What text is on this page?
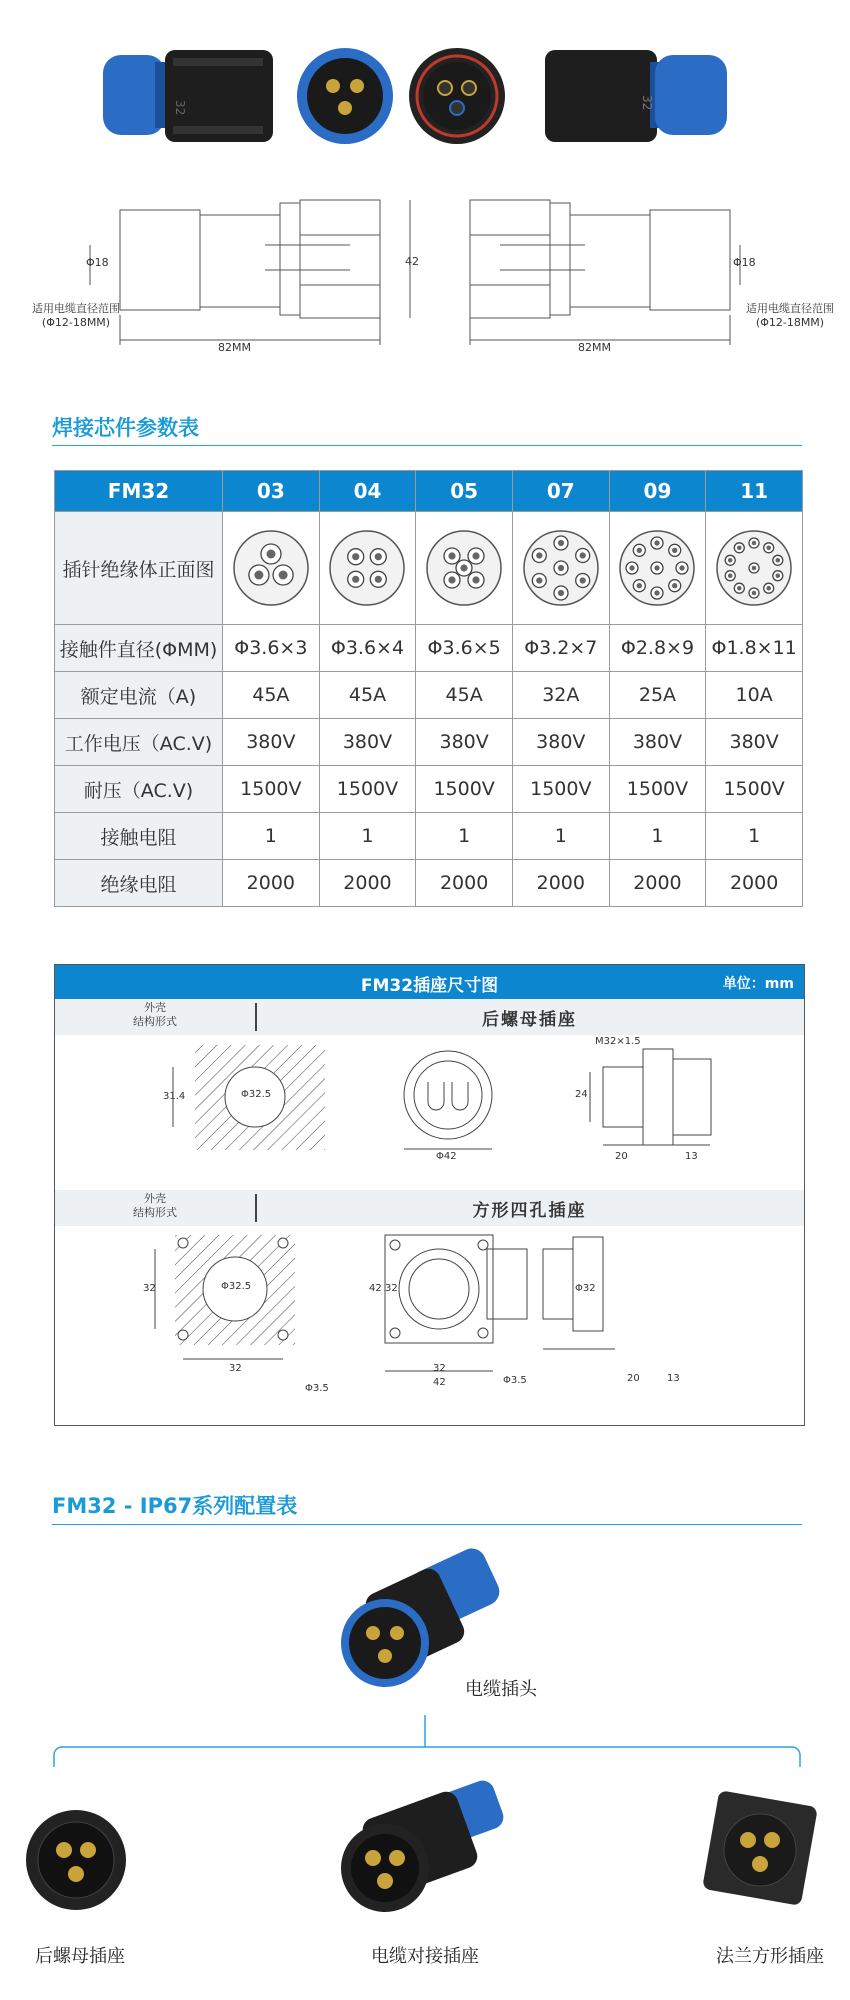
32	32
Φ18
适用电缆直径范围
(Φ12-18MM)
42
82MM
Φ18
适用电缆直径范围
(Φ12-18MM)
82MM
焊接芯件参数表
FM32	03	04	05	07	09	11
插针绝缘体正面图	

接触件直径(ΦMM)	Φ3.6×3	Φ3.6×4	Φ3.6×5	Φ3.2×7	Φ2.8×9	Φ1.8×11
额定电流（A)	45A	45A	45A	32A	25A	10A
工作电压（AC.V)	380V	380V	380V	380V	380V	380V
耐压（AC.V)	1500V	1500V	1500V	1500V	1500V	1500V
接触电阻	1	1	1	1	1	1
绝缘电阻	2000	2000	2000	2000	2000	2000
FM32插座尺寸图	单位：mm
外壳
结构形式	后螺母插座
Φ32.5
31.4
Φ42
M32×1.5
24
20	13
外壳
结构形式	方形四孔插座
Φ32.5
32
32
Φ3.5
42 32
32
42	Φ3.5
Φ32
20	13
FM32 - IP67系列配置表
电缆插头
后螺母插座	电缆对接插座	法兰方形插座
